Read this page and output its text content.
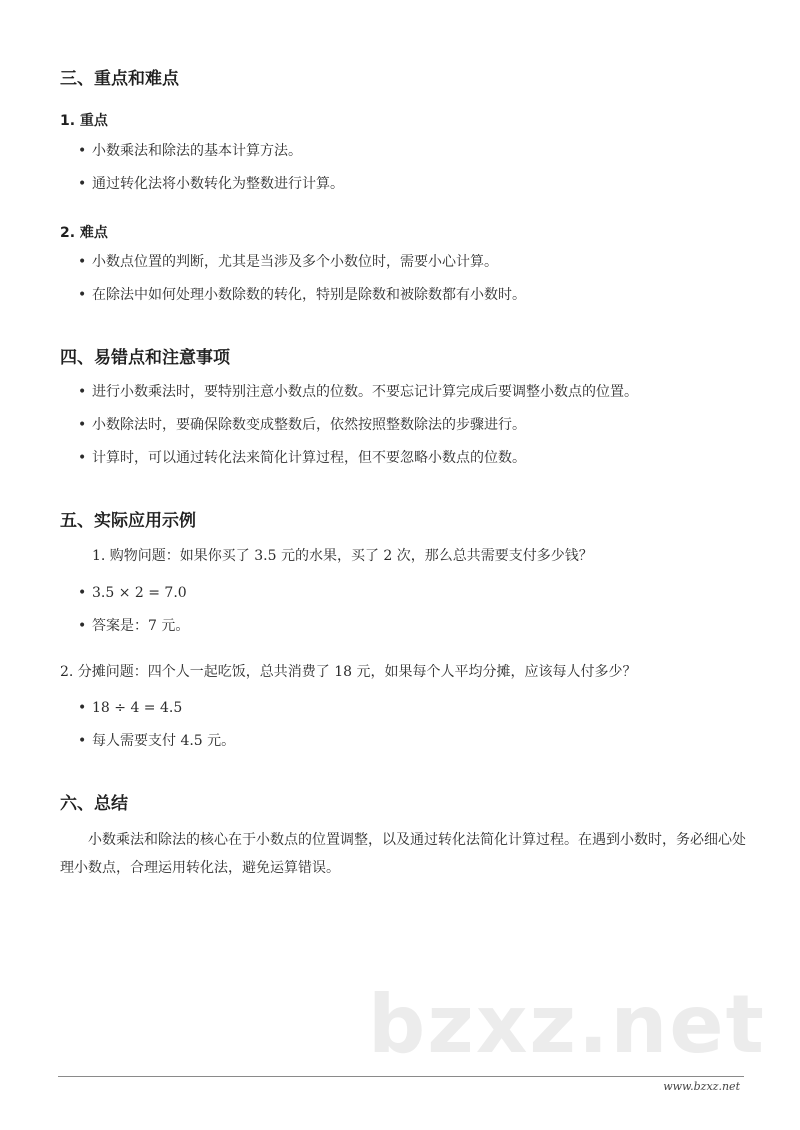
三、重点和难点
1. 重点
• 小数乘法和除法的基本计算方法。
• 通过转化法将小数转化为整数进行计算。
2. 难点
• 小数点位置的判断，尤其是当涉及多个小数位时，需要小心计算。
• 在除法中如何处理小数除数的转化，特别是除数和被除数都有小数时。
四、易错点和注意事项
• 进行小数乘法时，要特别注意小数点的位数。不要忘记计算完成后要调整小数点的位置。
• 小数除法时，要确保除数变成整数后，依然按照整数除法的步骤进行。
• 计算时，可以通过转化法来简化计算过程，但不要忽略小数点的位数。
五、实际应用示例
1. 购物问题：如果你买了 3.5 元的水果，买了 2 次，那么总共需要支付多少钱？
• 3.5 × 2 = 7.0
• 答案是：7 元。
2. 分摊问题：四个人一起吃饭，总共消费了 18 元，如果每个人平均分摊，应该每人付多少？
• 18 ÷ 4 = 4.5
• 每人需要支付 4.5 元。
六、总结
小数乘法和除法的核心在于小数点的位置调整，以及通过转化法简化计算过程。在遇到小数时，务必细心处理小数点，合理运用转化法，避免运算错误。
bzxz.net
www.bzxz.net
